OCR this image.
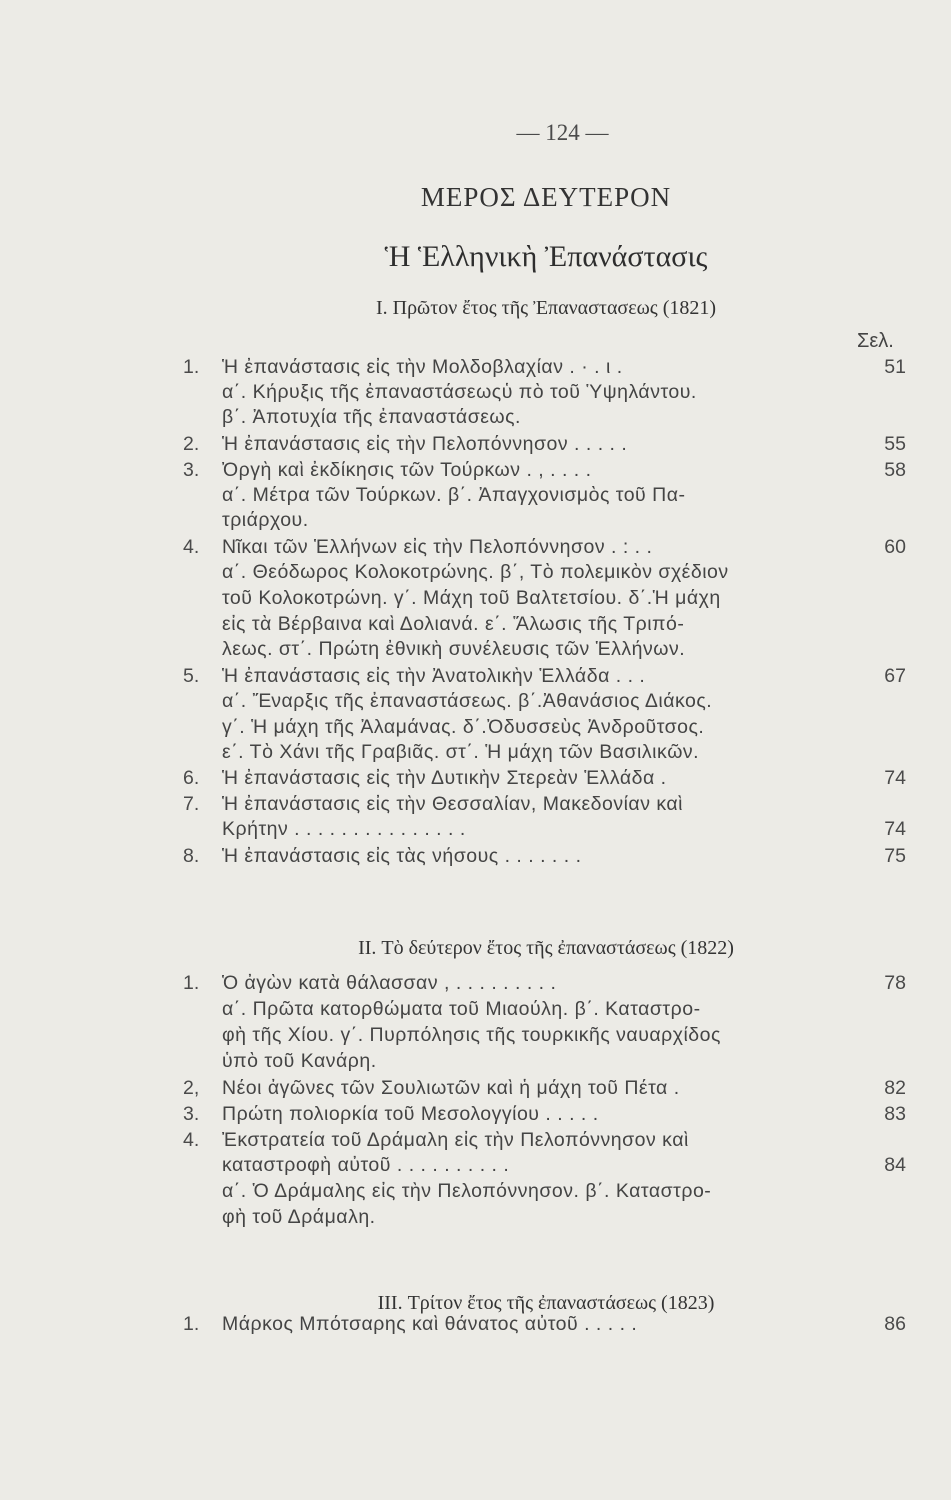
— 124 —
ΜΕΡΟΣ ΔΕΥΤΕΡΟΝ
Ἡ Ἑλληνικὴ Ἐπανάστασις
I. Πρῶτον ἔτος τῆς Ἐπαναστασεως (1821)
II. Τὸ δεύτερον ἔτος τῆς ἐπαναστάσεως (1822)
III. Τρίτον ἔτος τῆς ἐπαναστάσεως (1823)
Σελ.
1. Ἡ ἐπανάστασις εἰς τὴν Μολδοβλαχίαν . · . ι .	51
α΄. Κήρυξις τῆς ἐπαναστάσεωςὑ πὸ τοῦ Ὑψηλάντου.
β΄. Ἀποτυχία τῆς ἐπαναστάσεως.
2. Ἡ ἐπανάστασις εἰς τὴν Πελοπόννησον . . . . .	55
3. Ὀργὴ καὶ ἐκδίκησις τῶν Τούρκων . , . . . .	58
α΄. Μέτρα τῶν Τούρκων. β΄. Ἀπαγχονισμὸς τοῦ Πα-
τριάρχου.
4. Νῖκαι τῶν Ἑλλήνων εἰς τὴν Πελοπόννησον . : . .	60
α΄. Θεόδωρος Κολοκοτρώνης. β΄, Τὸ πολεμικὸν σχέδιον
τοῦ Κολοκοτρώνη. γ΄. Μάχη τοῦ Βαλτετσίου. δ΄.Ἡ μάχη
εἰς τὰ Βέρβαινα καὶ Δολιανά. ε΄. Ἅλωσις τῆς Τριπό-
λεως. στ΄. Πρώτη ἐθνικὴ συνέλευσις τῶν Ἑλλήνων.
5. Ἡ ἐπανάστασις εἰς τὴν Ἀνατολικὴν Ἑλλάδα . . .	67
α΄. Ἔναρξις τῆς ἐπαναστάσεως. β΄.Ἀθανάσιος Διάκος.
γ΄. Ἡ μάχη τῆς Ἀλαμάνας. δ΄.Ὀδυσσεὺς Ἀνδροῦτσος.
ε΄. Τὸ Χάνι τῆς Γραβιᾶς. στ΄. Ἡ μάχη τῶν Βασιλικῶν.
6. Ἡ ἐπανάστασις εἰς τὴν Δυτικὴν Στερεὰν Ἑλλάδα .	74
7. Ἡ ἐπανάστασις εἰς τὴν Θεσσαλίαν, Μακεδονίαν καὶ
Κρήτην . . . . . . . . . . . . . . .	74
8. Ἡ ἐπανάστασις εἰς τὰς νήσους . . . . . . .	75
1. Ὁ ἀγὼν κατὰ θάλασσαν , . . . . . . . . .	78
α΄. Πρῶτα κατορθώματα τοῦ Μιαούλη. β΄. Καταστρο-
φὴ τῆς Χίου. γ΄. Πυρπόλησις τῆς τουρκικῆς ναυαρχίδος
ὑπὸ τοῦ Κανάρη.
2, Νέοι ἀγῶνες τῶν Σουλιωτῶν καὶ ἡ μάχη τοῦ Πέτα .	82
3. Πρώτη πολιορκία τοῦ Μεσολογγίου . . . . .	83
4. Ἐκστρατεία τοῦ Δράμαλη εἰς τὴν Πελοπόννησον καὶ
καταστροφὴ αὐτοῦ . . . . . . . . . .	84
α΄. Ὁ Δράμαλης εἰς τὴν Πελοπόννησον. β΄. Καταστρο-
φὴ τοῦ Δράμαλη.
1. Μάρκος Μπότσαρης καὶ θάνατος αὐτοῦ . . . . .	86
